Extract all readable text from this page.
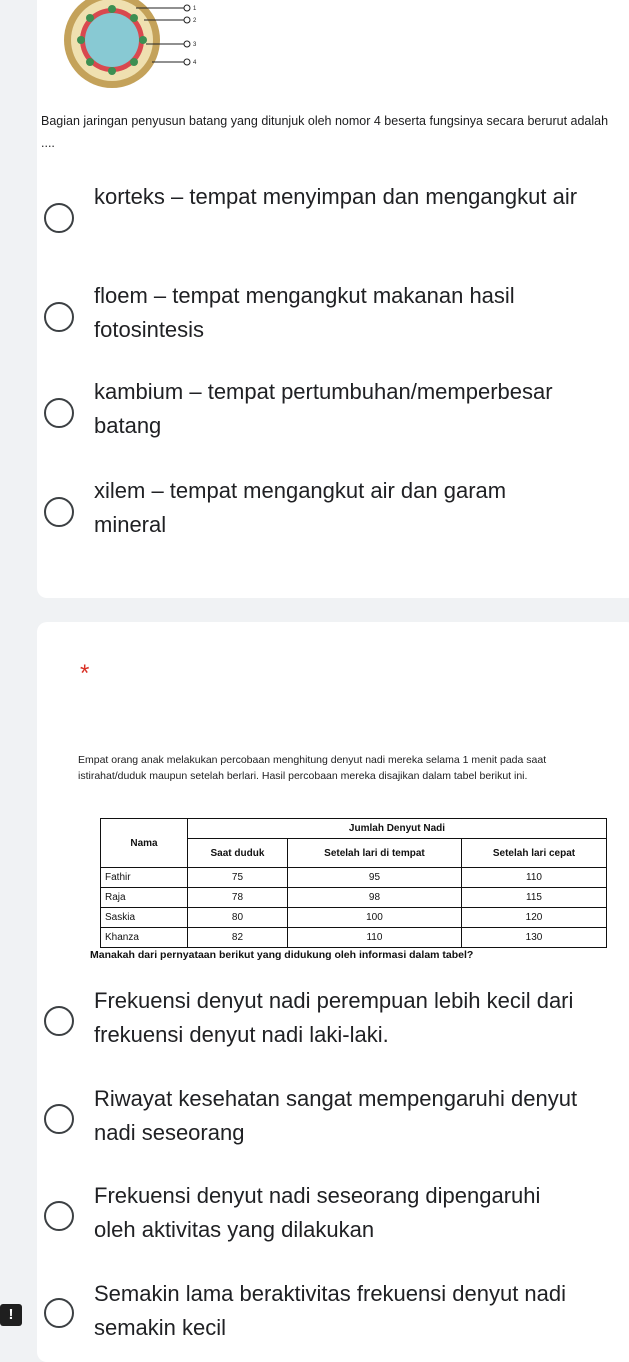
1
2
3
4
Bagian jaringan penyusun batang yang ditunjuk oleh nomor 4 beserta fungsinya secara berurut adalah ....
korteks – tempat menyimpan dan mengangkut air
floem – tempat mengangkut makanan hasil fotosintesis
kambium – tempat pertumbuhan/memperbesar batang
xilem – tempat mengangkut air dan garam mineral
*
Empat orang anak melakukan percobaan menghitung denyut nadi mereka selama 1 menit pada saat istirahat/duduk maupun setelah berlari. Hasil percobaan mereka disajikan dalam tabel berikut ini.
Nama	Jumlah Denyut Nadi		
	Saat duduk	Setelah lari di tempat	Setelah lari cepat
Fathir	75	95	110
Raja	78	98	115
Saskia	80	100	120
Khanza	82	110	130
Manakah dari pernyataan berikut yang didukung oleh informasi dalam tabel?
Frekuensi denyut nadi perempuan lebih kecil dari frekuensi denyut nadi laki-laki.
Riwayat kesehatan sangat mempengaruhi denyut nadi seseorang
Frekuensi denyut nadi seseorang dipengaruhi oleh aktivitas yang dilakukan
Semakin lama beraktivitas frekuensi denyut nadi semakin kecil
!
